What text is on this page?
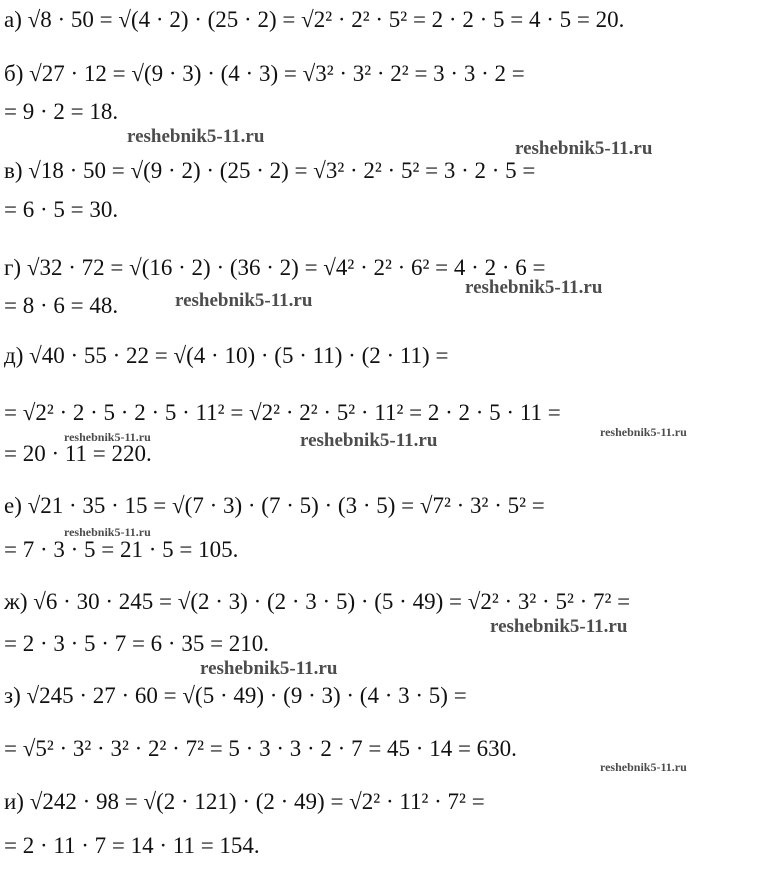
а) √8 · 50 = √(4 · 2) · (25 · 2) = √2² · 2² · 5² = 2 · 2 · 5 = 4 · 5 = 20.
б) √27 · 12 = √(9 · 3) · (4 · 3) = √3² · 3² · 2² = 3 · 3 · 2 =
= 9 · 2 = 18.
в) √18 · 50 = √(9 · 2) · (25 · 2) = √3² · 2² · 5² = 3 · 2 · 5 =
= 6 · 5 = 30.
г) √32 · 72 = √(16 · 2) · (36 · 2) = √4² · 2² · 6² = 4 · 2 · 6 =
= 8 · 6 = 48.
д) √40 · 55 · 22 = √(4 · 10) · (5 · 11) · (2 · 11) =
= √2² · 2 · 5 · 2 · 5 · 11² = √2² · 2² · 5² · 11² = 2 · 2 · 5 · 11 =
= 20 · 11 = 220.
е) √21 · 35 · 15 = √(7 · 3) · (7 · 5) · (3 · 5) = √7² · 3² · 5² =
= 7 · 3 · 5 = 21 · 5 = 105.
ж) √6 · 30 · 245 = √(2 · 3) · (2 · 3 · 5) · (5 · 49) = √2² · 3² · 5² · 7² =
= 2 · 3 · 5 · 7 = 6 · 35 = 210.
з) √245 · 27 · 60 = √(5 · 49) · (9 · 3) · (4 · 3 · 5) =
= √5² · 3² · 3² · 2² · 7² = 5 · 3 · 3 · 2 · 7 = 45 · 14 = 630.
и) √242 · 98 = √(2 · 121) · (2 · 49) = √2² · 11² · 7² =
= 2 · 11 · 7 = 14 · 11 = 154.
reshebnik5-11.ru
reshebnik5-11.ru
reshebnik5-11.ru
reshebnik5-11.ru
reshebnik5-11.ru	reshebnik5-11.ru	reshebnik5-11.ru
reshebnik5-11.ru
reshebnik5-11.ru
reshebnik5-11.ru
reshebnik5-11.ru
